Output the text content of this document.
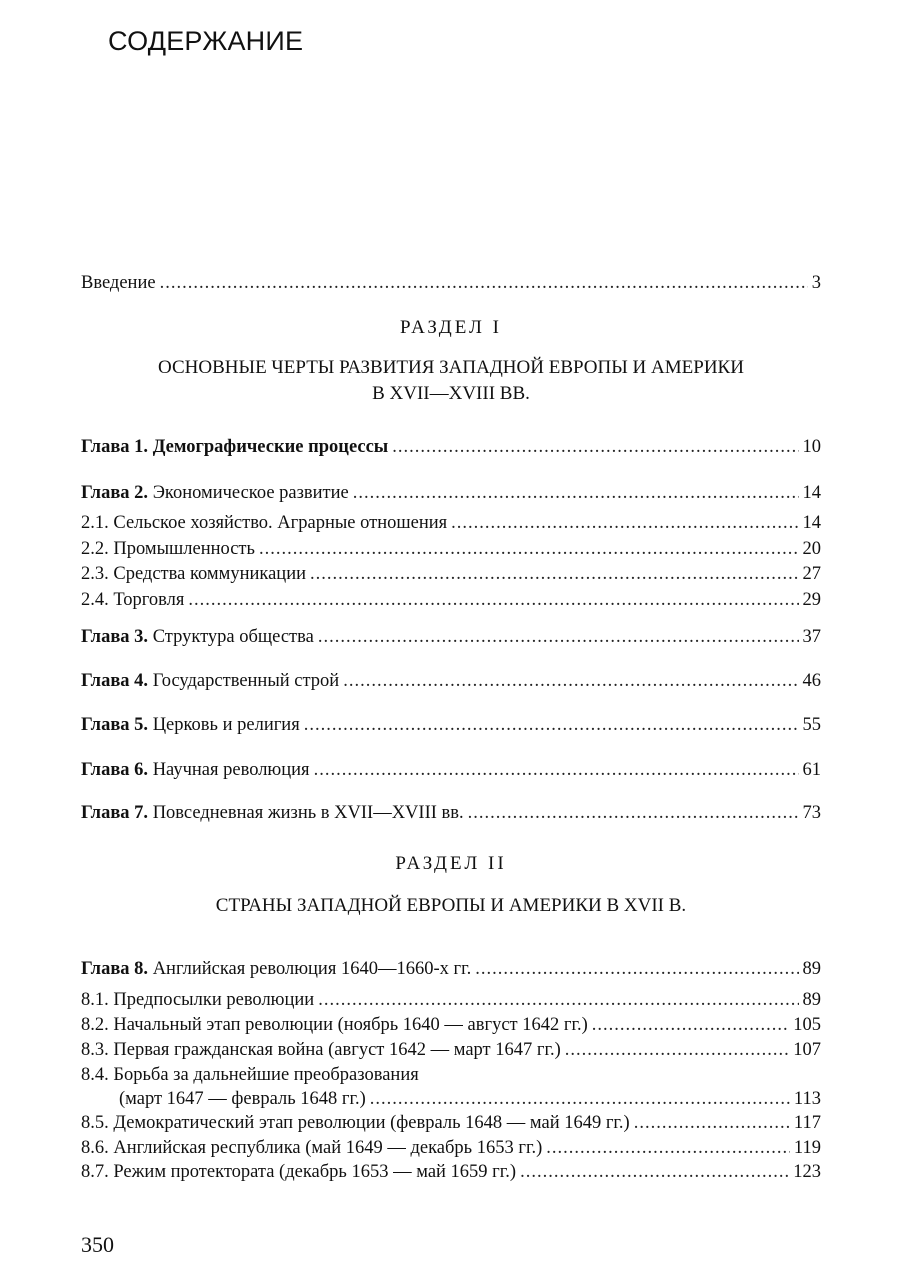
СОДЕРЖАНИЕ
Введение .....	3
РАЗДЕЛ I
ОСНОВНЫЕ ЧЕРТЫ РАЗВИТИЯ ЗАПАДНОЙ ЕВРОПЫ И АМЕРИКИ
В XVII—XVIII ВВ.
Глава 1. Демографические процессы .....	10
Глава 2. Экономическое развитие .....	14
2.1. Сельское хозяйство. Аграрные отношения .....	14
2.2. Промышленность .....	20
2.3. Средства коммуникации .....	27
2.4. Торговля .....	29
Глава 3. Структура общества .....	37
Глава 4. Государственный строй .....	46
Глава 5. Церковь и религия .....	55
Глава 6. Научная революция .....	61
Глава 7. Повседневная жизнь в XVII—XVIII вв. .....	73
РАЗДЕЛ II
СТРАНЫ ЗАПАДНОЙ ЕВРОПЫ И АМЕРИКИ В XVII В.
Глава 8. Английская революция 1640—1660-х гг. .....	89
8.1. Предпосылки революции .....	89
8.2. Начальный этап революции (ноябрь 1640 — август 1642 гг.) .....	105
8.3. Первая гражданская война (август 1642 — март 1647 гг.) .....	107
8.4. Борьба за дальнейшие преобразования
(март 1647 — февраль 1648 гг.) .....	113
8.5. Демократический этап революции (февраль 1648 — май 1649 гг.) .....	117
8.6. Английская республика (май 1649 — декабрь 1653 гг.) .....	119
8.7. Режим протектората (декабрь 1653 — май 1659 гг.) .....	123
350
